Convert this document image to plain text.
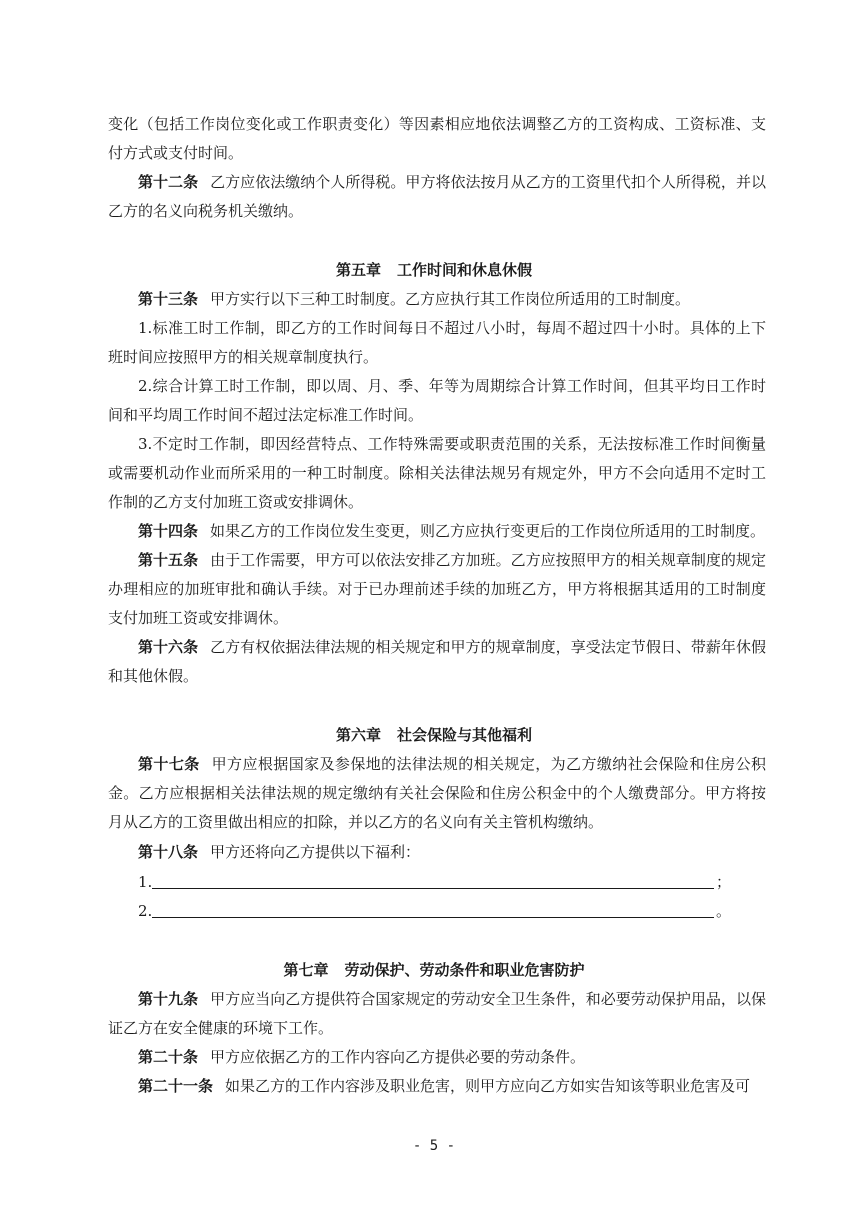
变化（包括工作岗位变化或工作职责变化）等因素相应地依法调整乙方的工资构成、工资标准、支付方式或支付时间。

第十二条 乙方应依法缴纳个人所得税。甲方将依法按月从乙方的工资里代扣个人所得税，并以乙方的名义向税务机关缴纳。

第五章 工作时间和休息休假

第十三条 甲方实行以下三种工时制度。乙方应执行其工作岗位所适用的工时制度。

1.标准工时工作制，即乙方的工作时间每日不超过八小时，每周不超过四十小时。具体的上下班时间应按照甲方的相关规章制度执行。

2.综合计算工时工作制，即以周、月、季、年等为周期综合计算工作时间，但其平均日工作时间和平均周工作时间不超过法定标准工作时间。

3.不定时工作制，即因经营特点、工作特殊需要或职责范围的关系，无法按标准工作时间衡量或需要机动作业而所采用的一种工时制度。除相关法律法规另有规定外，甲方不会向适用不定时工作制的乙方支付加班工资或安排调休。

第十四条 如果乙方的工作岗位发生变更，则乙方应执行变更后的工作岗位所适用的工时制度。

第十五条 由于工作需要，甲方可以依法安排乙方加班。乙方应按照甲方的相关规章制度的规定办理相应的加班审批和确认手续。对于已办理前述手续的加班乙方，甲方将根据其适用的工时制度支付加班工资或安排调休。

第十六条 乙方有权依据法律法规的相关规定和甲方的规章制度，享受法定节假日、带薪年休假和其他休假。

第六章 社会保险与其他福利

第十七条 甲方应根据国家及参保地的法律法规的相关规定，为乙方缴纳社会保险和住房公积金。乙方应根据相关法律法规的规定缴纳有关社会保险和住房公积金中的个人缴费部分。甲方将按月从乙方的工资里做出相应的扣除，并以乙方的名义向有关主管机构缴纳。

第十八条 甲方还将向乙方提供以下福利：

1.	；
2.	。
第七章 劳动保护、劳动条件和职业危害防护

第十九条 甲方应当向乙方提供符合国家规定的劳动安全卫生条件，和必要劳动保护用品，以保证乙方在安全健康的环境下工作。

第二十条 甲方应依据乙方的工作内容向乙方提供必要的劳动条件。

第二十一条 如果乙方的工作内容涉及职业危害，则甲方应向乙方如实告知该等职业危害及可

- 5 -
